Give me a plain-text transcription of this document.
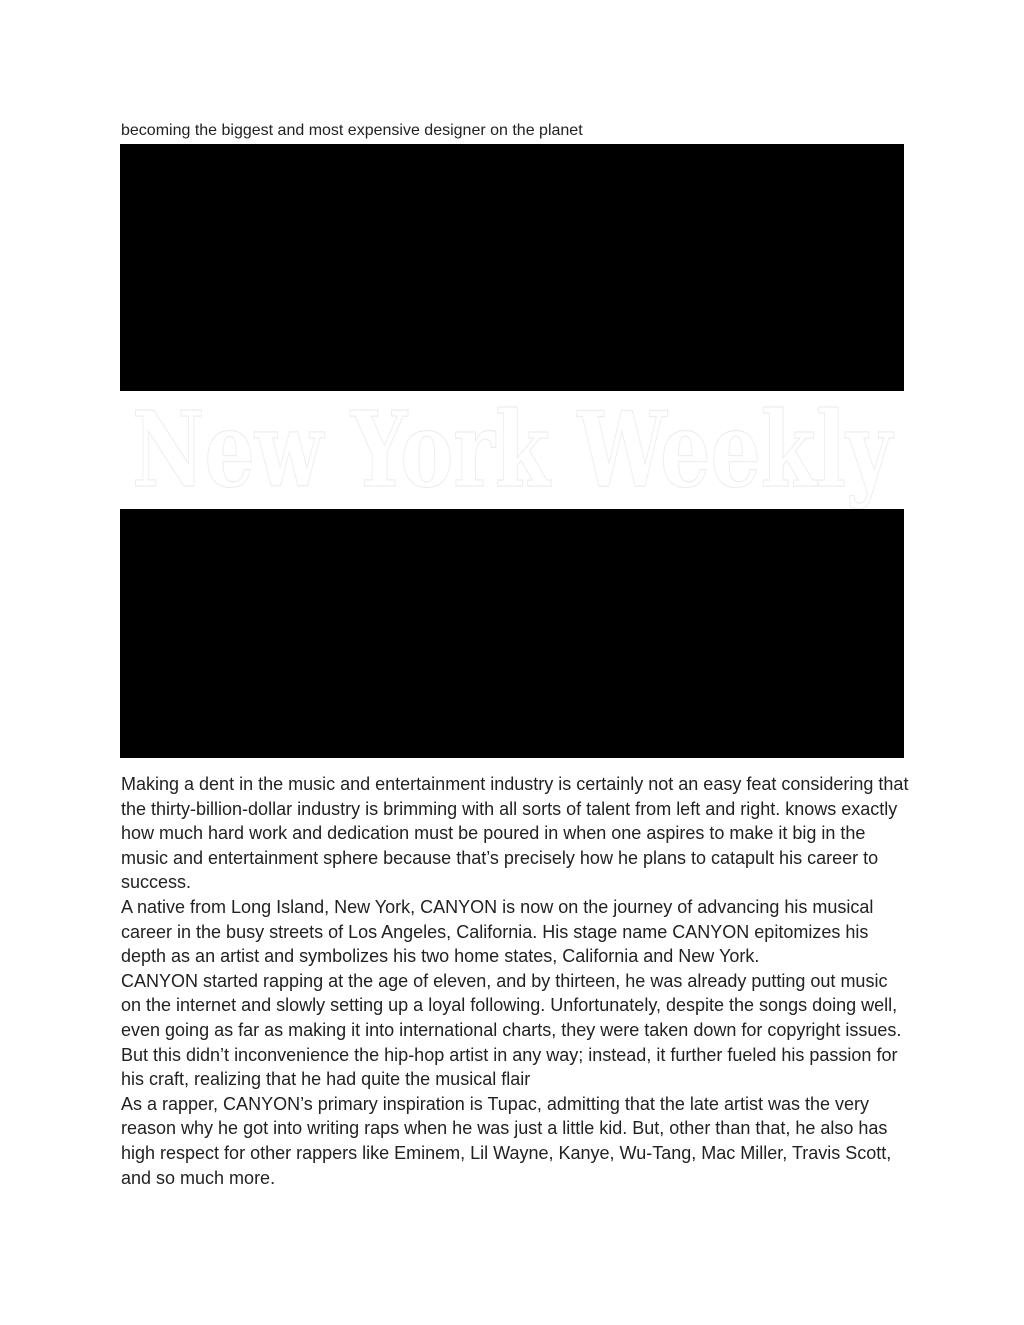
becoming the biggest and most expensive designer on the planet
New York Weekly

Making a dent in the music and entertainment industry is certainly not an easy feat considering that the thirty-billion-dollar industry is brimming with all sorts of talent from left and right. knows exactly how much hard work and dedication must be poured in when one aspires to make it big in the music and entertainment sphere because that’s precisely how he plans to catapult his career to success.

A native from Long Island, New York, CANYON is now on the journey of advancing his musical career in the busy streets of Los Angeles, California. His stage name CANYON epitomizes his depth as an artist and symbolizes his two home states, California and New York.

CANYON started rapping at the age of eleven, and by thirteen, he was already putting out music on the internet and slowly setting up a loyal following. Unfortunately, despite the songs doing well, even going as far as making it into international charts, they were taken down for copyright issues. But this didn’t inconvenience the hip-hop artist in any way; instead, it further fueled his passion for his craft, realizing that he had quite the musical flair

As a rapper, CANYON’s primary inspiration is Tupac, admitting that the late artist was the very reason why he got into writing raps when he was just a little kid. But, other than that, he also has high respect for other rappers like Eminem, Lil Wayne, Kanye, Wu-Tang, Mac Miller, Travis Scott, and so much more.
